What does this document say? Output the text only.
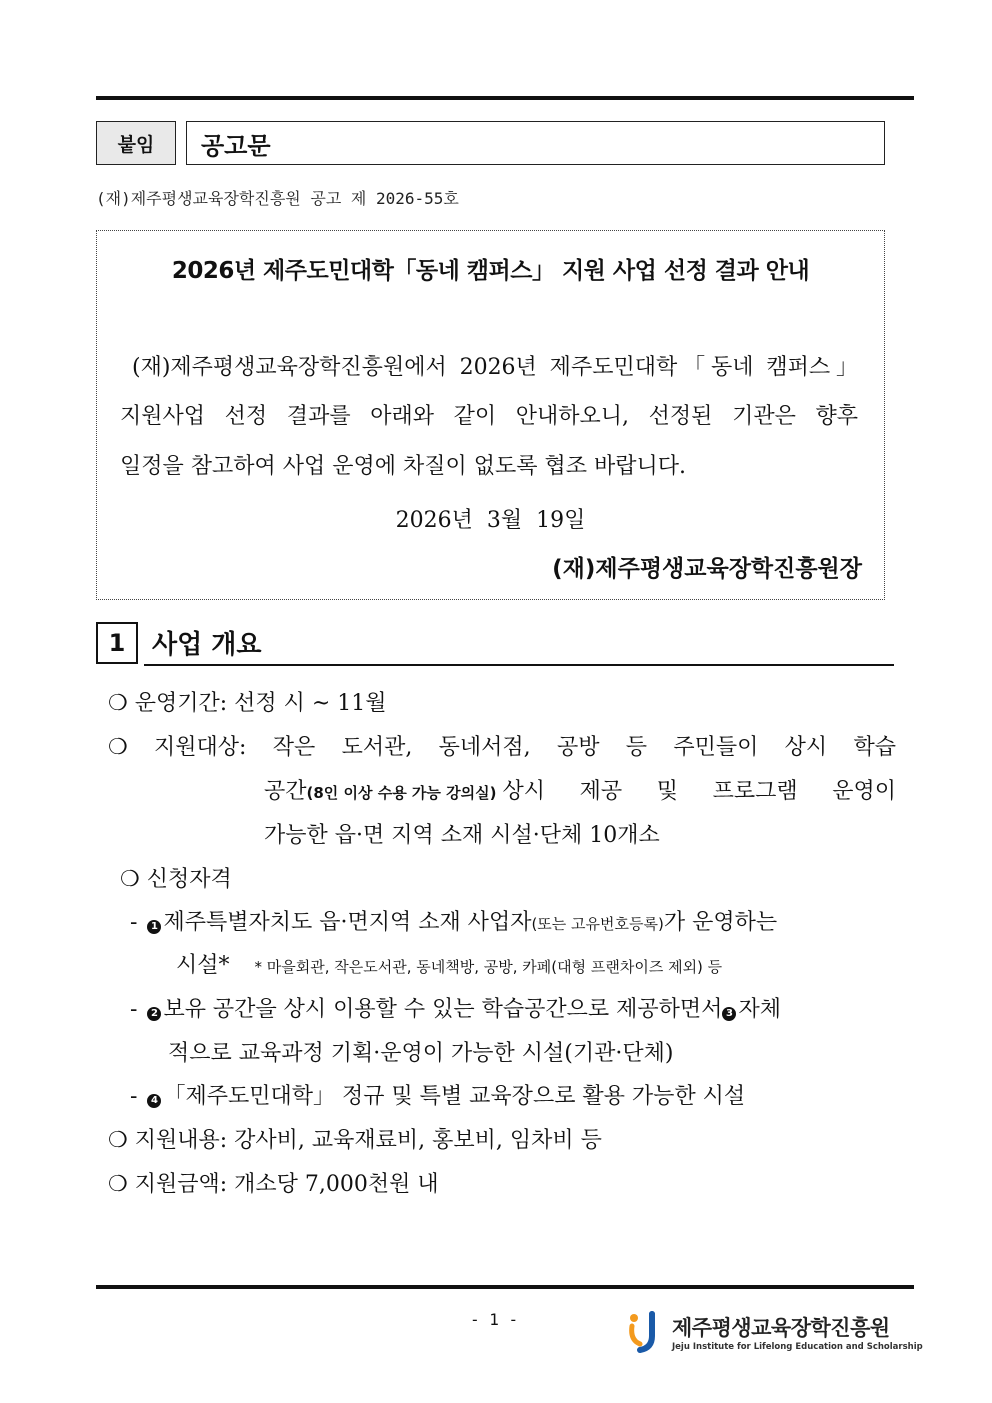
붙임	공고문
(재)제주평생교육장학진흥원 공고 제 2026-55호
2026년 제주도민대학「동네 캠퍼스」 지원 사업 선정 결과 안내
(재)제주평생교육장학진흥원에서 2026년 제주도민대학「동네 캠퍼스」
지원사업 선정 결과를 아래와 같이 안내하오니, 선정된 기관은 향후
일정을 참고하여 사업 운영에 차질이 없도록 협조 바랍니다.
2026년  3월  19일
(재)제주평생교육장학진흥원장
1	사업 개요
❍ 운영기간: 선정 시 ~ 11월
❍ 지원대상: 작은 도서관, 동네서점, 공방 등 주민들이 상시 학습
공간(8인 이상 수용 가능 강의실) 상시 제공 및 프로그램 운영이
가능한 읍·면 지역 소재 시설·단체 10개소
❍ 신청자격
-	1 제주특별자치도 읍·면지역 소재 사업자 (또는 고유번호등록) 가 운영하는
시설* * 마을회관, 작은도서관, 동네책방, 공방, 카페(대형 프랜차이즈 제외) 등
-	2 보유 공간을 상시 이용할 수 있는 학습공간으로 제공하면서 3 자체
적으로 교육과정 기획·운영이 가능한 시설(기관·단체)
-	4 「제주도민대학」 정규 및 특별 교육장으로 활용 가능한 시설
❍ 지원내용: 강사비, 교육재료비, 홍보비, 임차비 등
❍ 지원금액: 개소당 7,000천원 내
- 1 -	제주평생교육장학진흥원
Jeju Institute for Lifelong Education and Scholarship
